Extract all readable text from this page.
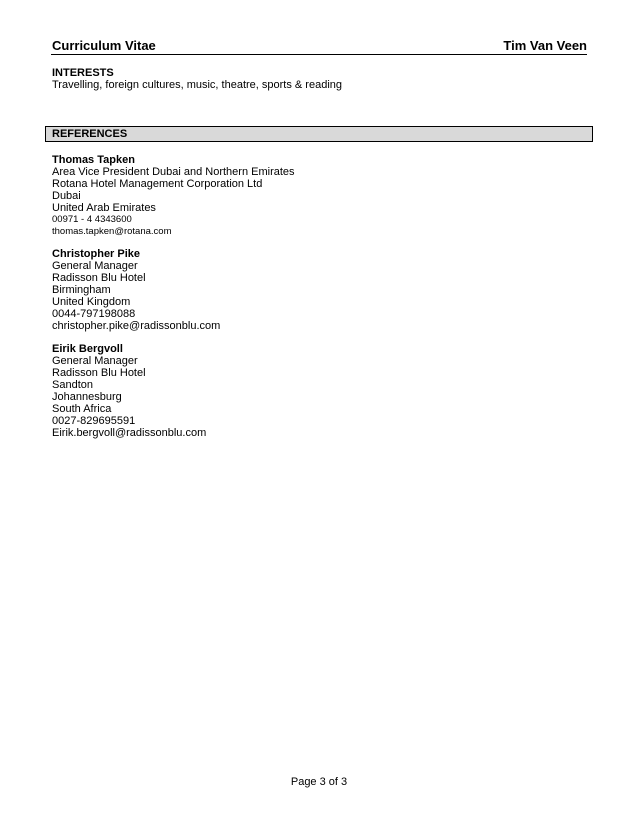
Curriculum Vitae	Tim Van Veen
INTERESTS
Travelling, foreign cultures, music, theatre, sports & reading
REFERENCES
Thomas Tapken
Area Vice President Dubai and Northern Emirates
Rotana Hotel Management Corporation Ltd
Dubai
United Arab Emirates
00971 - 4 4343600
thomas.tapken@rotana.com
Christopher Pike
General Manager
Radisson Blu Hotel
Birmingham
United Kingdom
0044-797198088
christopher.pike@radissonblu.com
Eirik Bergvoll
General Manager
Radisson Blu Hotel
Sandton
Johannesburg
South Africa
0027-829695591
Eirik.bergvoll@radissonblu.com
Page 3 of 3
